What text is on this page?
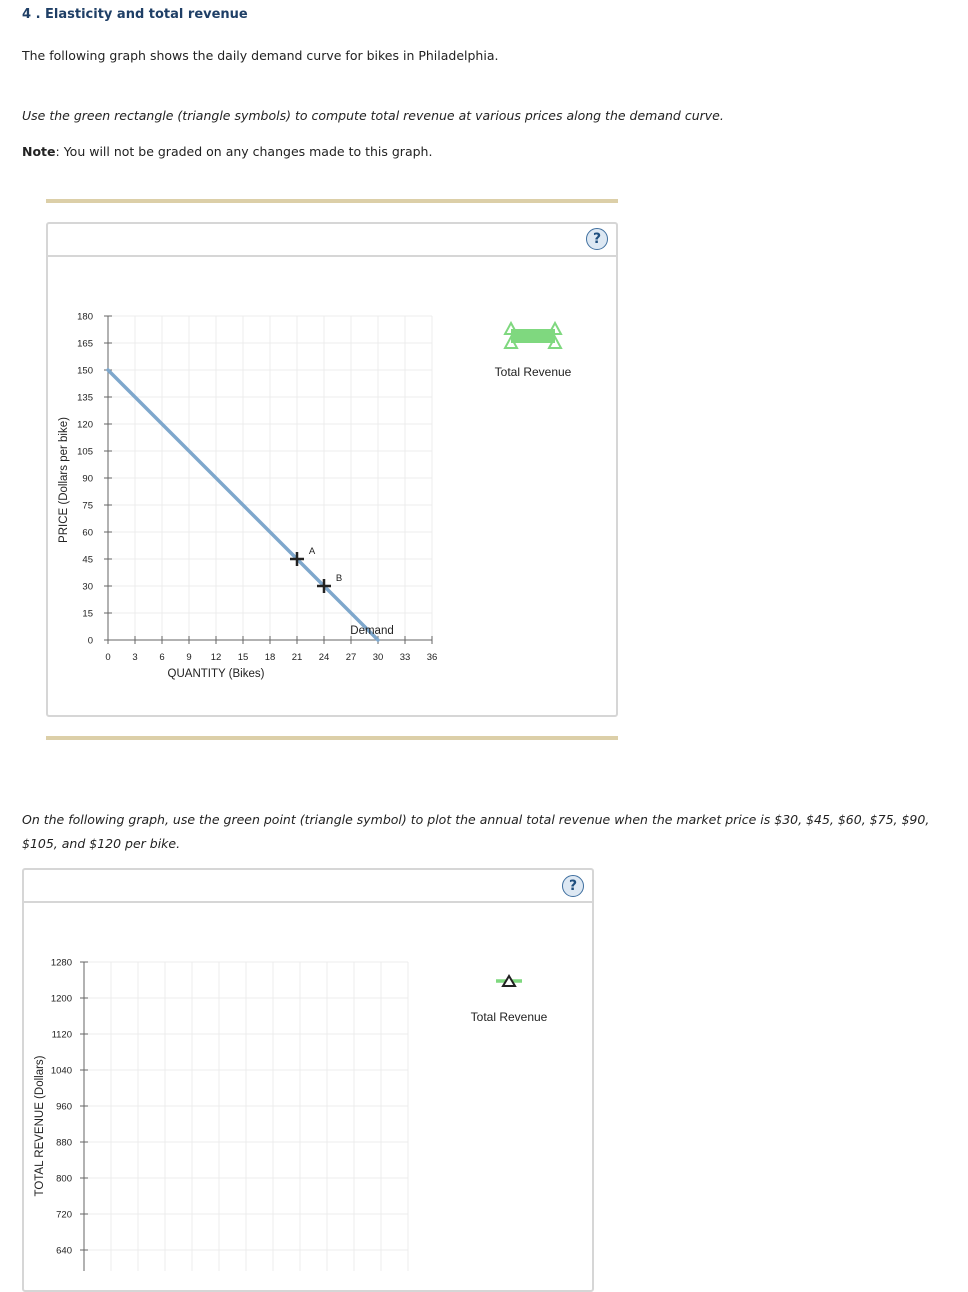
4 . Elasticity and total revenue
The following graph shows the daily demand curve for bikes in Philadelphia.
Use the green rectangle (triangle symbols) to compute total revenue at various prices along the demand curve.
Note: You will not be graded on any changes made to this graph.
?
0
15
30
45
60
75
90
105
120
135
150
165
180
0 3 6 9 12 15 18 21 24 27 30 33 36
QUANTITY (Bikes)
PRICE (Dollars per bike)
Demand
A
B
Total Revenue
On the following graph, use the green point (triangle symbol) to plot the annual total revenue when the market price is $30, $45, $60, $75, $90,
$105, and $120 per bike.
?
640
720
800
880
960
1040
1120
1200
1280
TOTAL REVENUE (Dollars)
Total Revenue
